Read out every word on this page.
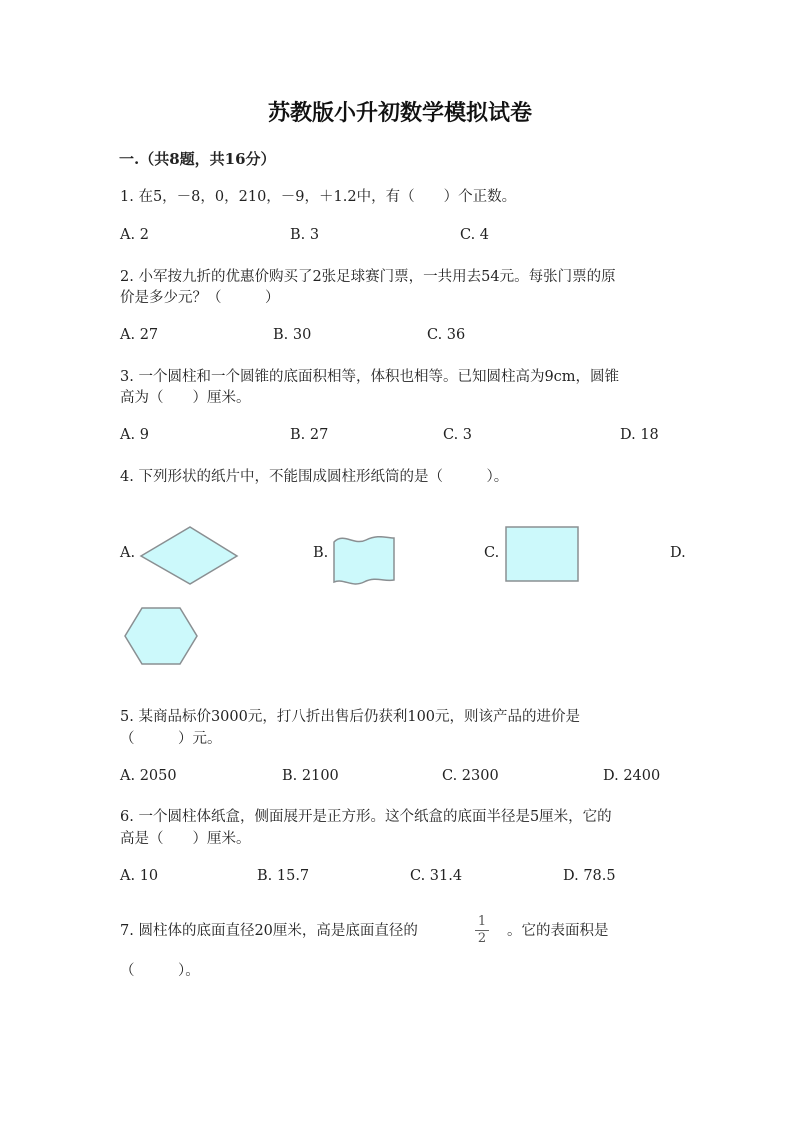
苏教版小升初数学模拟试卷
一.（共8题，共16分）
1. 在5，－8，0，210，－9，＋1.2中，有（　　）个正数。
A. 2	B. 3	C. 4
2. 小军按九折的优惠价购买了2张足球赛门票，一共用去54元。每张门票的原
价是多少元？（　　　）
A. 27	B. 30	C. 36
3. 一个圆柱和一个圆锥的底面积相等，体积也相等。已知圆柱高为9cm，圆锥
高为（　　）厘米。
A. 9	B. 27	C. 3	D. 18
4. 下列形状的纸片中，不能围成圆柱形纸筒的是（　　　）。
A.	B.	C.	D.
5. 某商品标价3000元，打八折出售后仍获利100元，则该产品的进价是
（　　　）元。
A. 2050	B. 2100	C. 2300	D. 2400
6. 一个圆柱体纸盒，侧面展开是正方形。这个纸盒的底面半径是5厘米，它的
高是（　　）厘米。
A. 10	B. 15.7	C. 31.4	D. 78.5
7. 圆柱体的底面直径20厘米，高是底面直径的
1
2	。它的表面积是
（　　　）。
